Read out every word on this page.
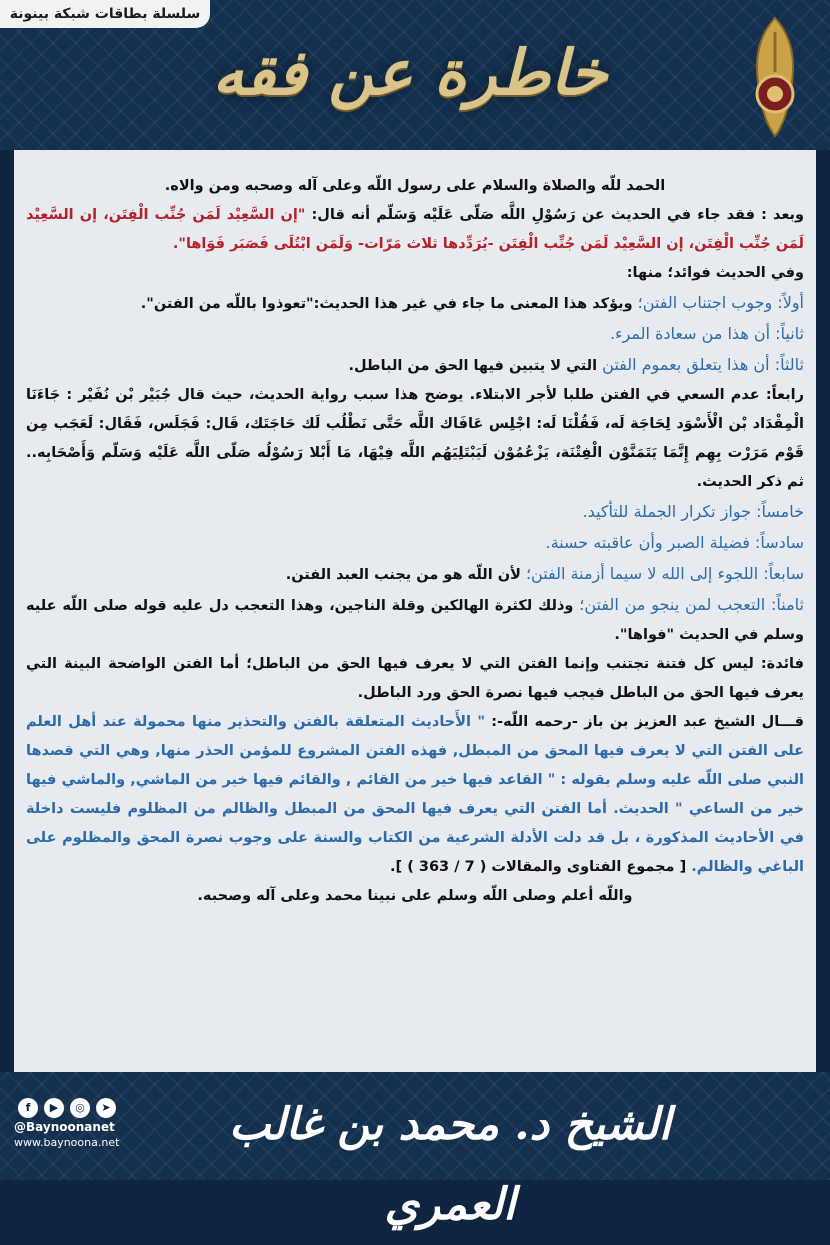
سلسلة بطاقات شبكة بينونة
خاطرة عن فقه

الحمد للّه والصلاة والسلام على رسول اللّه وعلى آله وصحبه ومن والاه.

وبعد : فقد جاء في الحديث عن رَسُوْلِ اللَّه صَلّى عَلَيْه وَسَلّم أنه قال: "إن السَّعِيْد لَمَن جُنِّب الْفِتَن، إن السَّعِيْد لَمَن جُنِّب الْفِتَن، إن السَّعِيْد لَمَن جُنِّب الْفِتَن -يُرَدِّدها ثلاث مَرّات- وَلَمَن ابْتُلَى فَصَبَر فَوَاها".

وفي الحديث فوائد؛ منها:

أولاً: وجوب اجتناب الفتن؛ ويؤكد هذا المعنى ما جاء في غير هذا الحديث:"تعوذوا باللّه من الفتن".

ثانياً: أن هذا من سعادة المرء.

ثالثاً: أن هذا يتعلق بعموم الفتن التي لا يتبين فيها الحق من الباطل.

رابعاً: عدم السعي في الفتن طلبا لأجر الابتلاء. يوضح هذا سبب رواية الحديث، حيث قال جُبَيْر بْن نُفَيْر : جَاءَنَا الْمِقْدَاد بْن الْأَسْوَد لِحَاجَة لَه، فَقُلْنَا لَه: اجْلِس عَافَاك اللَّه حَتَّى نَطْلُب لَك حَاجَتَك، قَال: فَجَلَس، فَقَال: لَعَجَب مِن قَوْم مَرَرْت بِهِم إِنَّمَا يَتَمَنَّوْن الْفِتْنَة، يَزْعُمُوْن لَيَبْتَلِيَهُم اللَّه فِيْهَا، مَا أَبْلا رَسُوْلُه صَلّى اللَّه عَلَيْه وَسَلّم وَأَصْحَابِه.. ثم ذكر الحديث.

خامساً: جواز تكرار الجملة للتأكيد.

سادساً: فضيلة الصبر وأن عاقبته حسنة.

سابعاً: اللجوء إلى الله لا سيما أزمنة الفتن؛ لأن اللّه هو من يجنب العبد الفتن.

ثامناً: التعجب لمن ينجو من الفتن؛ وذلك لكثرة الهالكين وقلة الناجين، وهذا التعجب دل عليه قوله صلى اللّه عليه وسلم في الحديث "فواها".

فائدة: ليس كل فتنة تجتنب وإنما الفتن التي لا يعرف فيها الحق من الباطل؛ أما الفتن الواضحة البينة التي يعرف فيها الحق من الباطل فيجب فيها نصرة الحق ورد الباطل.

قـــال الشيخ عبد العزيز بن باز -رحمه اللّه-: " الأَحاديث المتعلقة بالفتن والتحذير منها محمولة عند أهل العلم على الفتن التي لا يعرف فيها المحق من المبطل, فهذه الفتن المشروع للمؤمن الحذر منها, وهي التي قصدها النبي صلى اللّه عليه وسلم بقوله : " القاعد فيها خير من القائم , والقائم فيها خير من الماشي, والماشي فيها خير من الساعي " الحديث. أما الفتن التي يعرف فيها المحق من المبطل والظالم من المظلوم فليست داخلة في الأحاديث المذكورة ، بل قد دلت الأدلة الشرعية من الكتاب والسنة على وجوب نصرة المحق والمظلوم على الباغي والظالم. [ مجموع الفتاوى والمقالات ( 7 / 363 ) ].

واللّه أعلم وصلى اللّه وسلم على نبينا محمد وعلى آله وصحبه.

الشيخ د. محمد بن غالب العمري
f	▶	◎	➤
@Baynoonanet
www.baynoona.net
